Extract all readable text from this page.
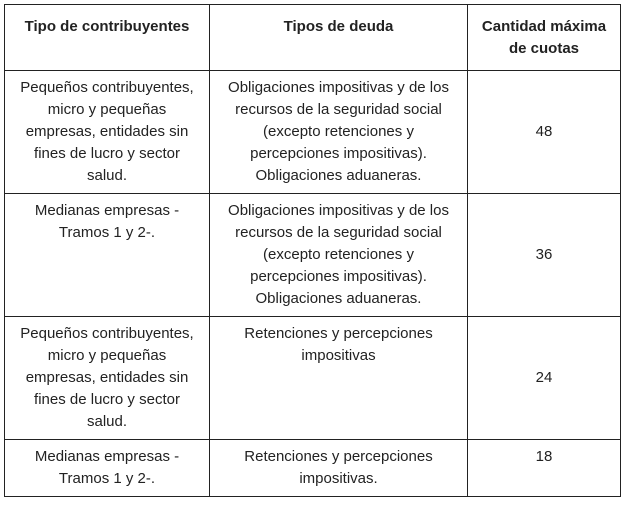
Tipo de contribuyentes	Tipos de deuda	Cantidad máxima de cuotas
Pequeños contribuyentes, micro y pequeñas empresas, entidades sin fines de lucro y sector salud.	Obligaciones impositivas y de los recursos de la seguridad social (excepto retenciones y percepciones impositivas). Obligaciones aduaneras.	48
Medianas empresas - Tramos 1 y 2-.	Obligaciones impositivas y de los recursos de la seguridad social (excepto retenciones y percepciones impositivas). Obligaciones aduaneras.	36
Pequeños contribuyentes, micro y pequeñas empresas, entidades sin fines de lucro y sector salud.	Retenciones y percepciones impositivas	24
Medianas empresas - Tramos 1 y 2-.	Retenciones y percepciones impositivas.	18
